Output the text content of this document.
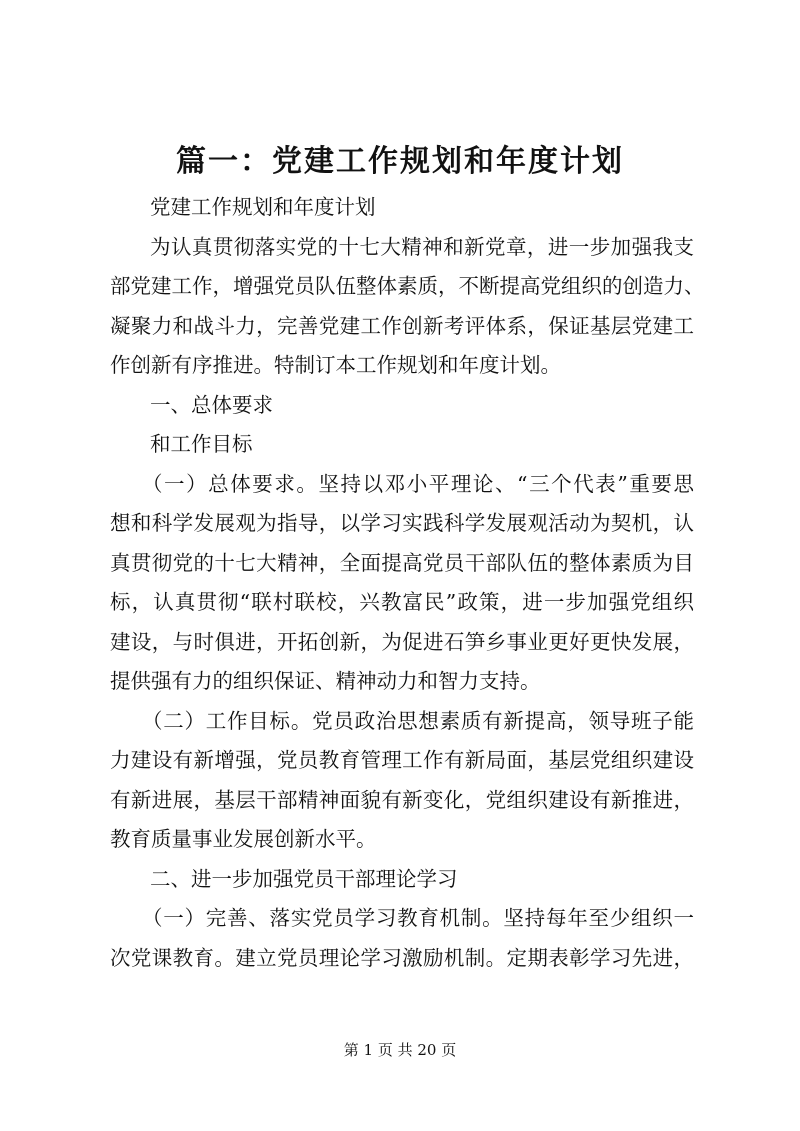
篇一：党建工作规划和年度计划
党建工作规划和年度计划
为认真贯彻落实党的十七大精神和新党章，进一步加强我支
部党建工作，增强党员队伍整体素质，不断提高党组织的创造力、
凝聚力和战斗力，完善党建工作创新考评体系，保证基层党建工
作创新有序推进。特制订本工作规划和年度计划。
一、总体要求
和工作目标
（一）总体要求。坚持以邓小平理论、“三个代表”重要思
想和科学发展观为指导，以学习实践科学发展观活动为契机，认
真贯彻党的十七大精神，全面提高党员干部队伍的整体素质为目
标，认真贯彻“联村联校，兴教富民”政策，进一步加强党组织
建设，与时俱进，开拓创新，为促进石笋乡事业更好更快发展，
提供强有力的组织保证、精神动力和智力支持。
（二）工作目标。党员政治思想素质有新提高，领导班子能
力建设有新增强，党员教育管理工作有新局面，基层党组织建设
有新进展，基层干部精神面貌有新变化，党组织建设有新推进，
教育质量事业发展创新水平。
二、进一步加强党员干部理论学习
（一）完善、落实党员学习教育机制。坚持每年至少组织一
次党课教育。建立党员理论学习激励机制。定期表彰学习先进，
第 1 页 共 20 页
